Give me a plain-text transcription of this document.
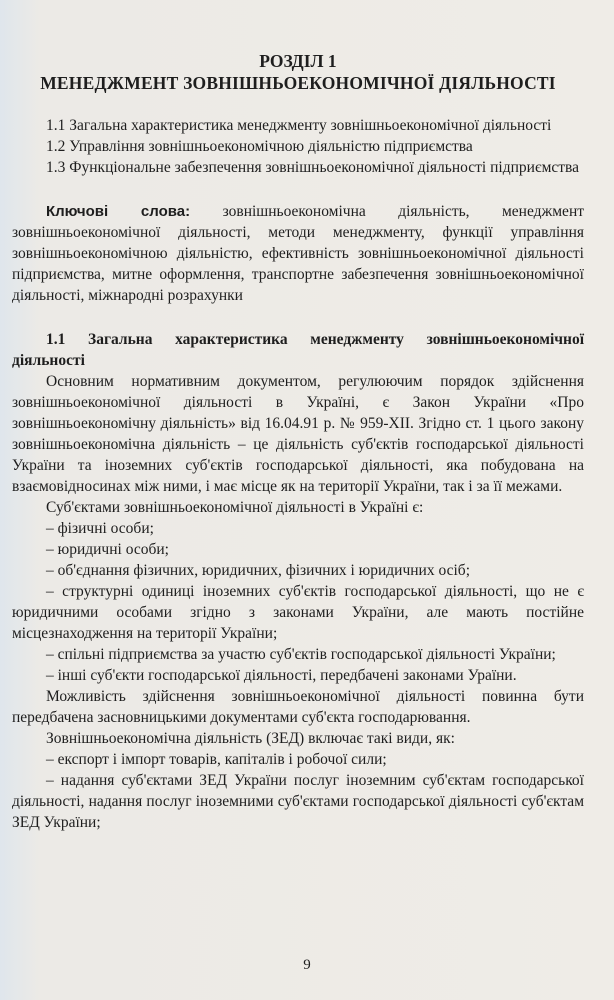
РОЗДІЛ 1
МЕНЕДЖМЕНТ ЗОВНІШНЬОЕКОНОМІЧНОЇ ДІЯЛЬНОСТІ

1.1 Загальна характеристика менеджменту зовнішньоекономічної діяльності

1.2 Управління зовнішньоекономічною діяльністю підприємства

1.3 Функціональне забезпечення зовнішньоекономічної діяльності підприємства

Ключові слова: зовнішньоекономічна діяльність, менеджмент зовнішньоекономічної діяльності, методи менеджменту, функції управління зовнішньоекономічною діяльністю, ефективність зовнішньоекономічної діяльності підприємства, митне оформлення, транспортне забезпечення зовнішньоекономічної діяльності, міжнародні розрахунки

1.1 Загальна характеристика менеджменту зовнішньоекономічної діяльності

Основним нормативним документом, регулюючим порядок здійснення зовнішньоекономічної діяльності в Україні, є Закон України «Про зовнішньоекономічну діяльність» від 16.04.91 р. № 959-XII. Згідно ст. 1 цього закону зовнішньоекономічна діяльність – це діяльність суб'єктів господарської діяльності України та іноземних суб'єктів господарської діяльності, яка побудована на взаємовідносинах між ними, і має місце як на території України, так і за її межами.

Суб'єктами зовнішньоекономічної діяльності в Україні є:

– фізичні особи;

– юридичні особи;

– об'єднання фізичних, юридичних, фізичних і юридичних осіб;

– структурні одиниці іноземних суб'єктів господарської діяльності, що не є юридичними особами згідно з законами України, але мають постійне місцезнаходження на території України;

– спільні підприємства за участю суб'єктів господарської діяльності України;

– інші суб'єкти господарської діяльності, передбачені законами Ураїни.

Можливість здійснення зовнішньоекономічної діяльності повинна бути передбачена засновницькими документами суб'єкта господарювання.

Зовнішньоекономічна діяльність (ЗЕД) включає такі види, як:

– експорт і імпорт товарів, капіталів і робочої сили;

– надання суб'єктами ЗЕД України послуг іноземним суб'єктам господарської діяльності, надання послуг іноземними суб'єктами господарської діяльності суб'єктам ЗЕД України;

9
